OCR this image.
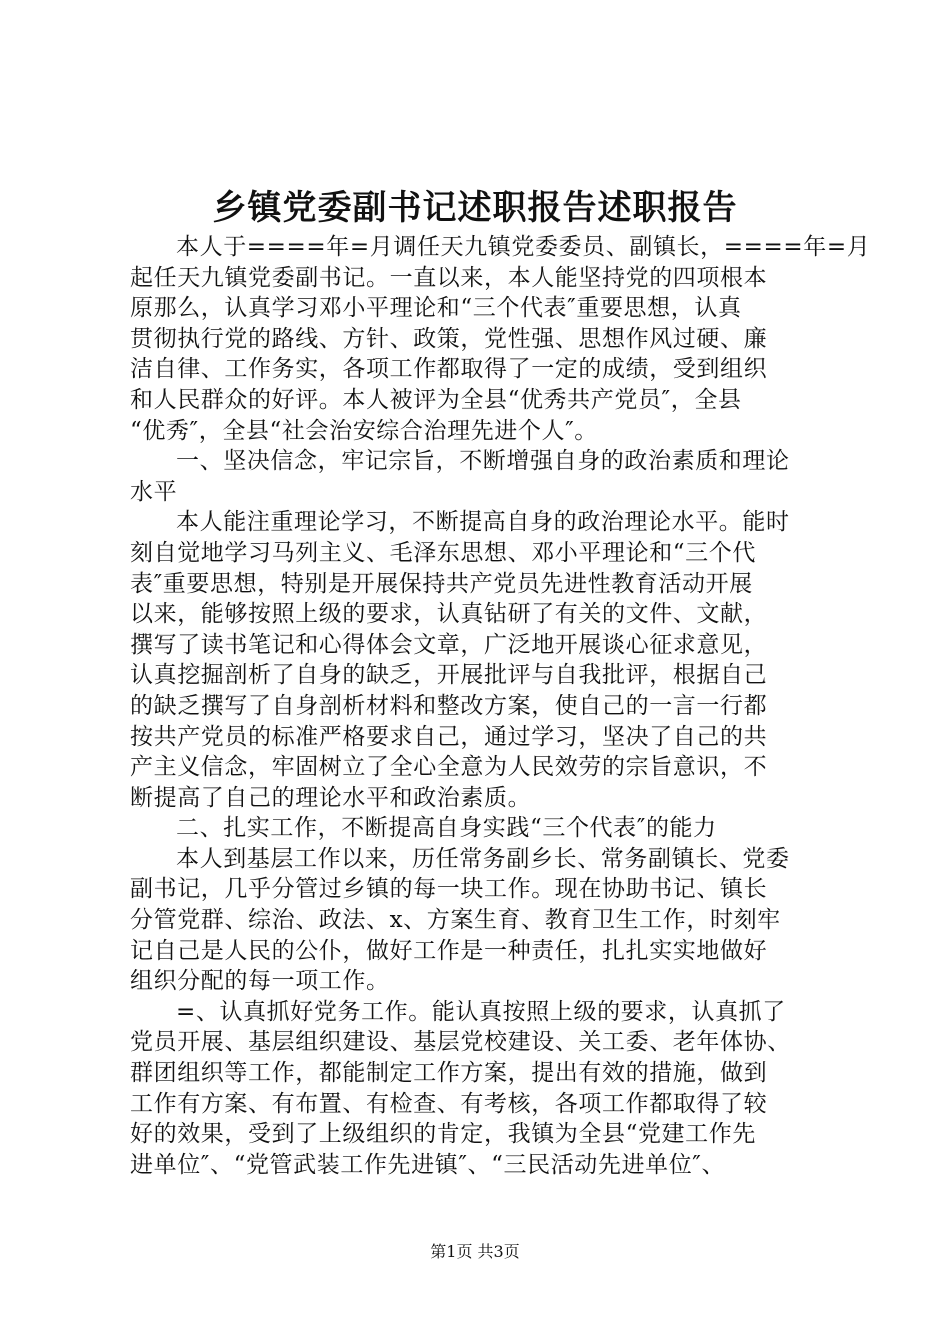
乡镇党委副书记述职报告述职报告
本人于====年=月调任天九镇党委委员、副镇长，====年=月
起任天九镇党委副书记。一直以来，本人能坚持党的四项根本
原那么，认真学习邓小平理论和“三个代表″重要思想，认真
贯彻执行党的路线、方针、政策，党性强、思想作风过硬、廉
洁自律、工作务实，各项工作都取得了一定的成绩，受到组织
和人民群众的好评。本人被评为全县“优秀共产党员″，全县
“优秀″，全县“社会治安综合治理先进个人″。
一、坚决信念，牢记宗旨，不断增强自身的政治素质和理论
水平
本人能注重理论学习，不断提高自身的政治理论水平。能时
刻自觉地学习马列主义、毛泽东思想、邓小平理论和“三个代
表″重要思想，特别是开展保持共产党员先进性教育活动开展
以来，能够按照上级的要求，认真钻研了有关的文件、文献，
撰写了读书笔记和心得体会文章，广泛地开展谈心征求意见，
认真挖掘剖析了自身的缺乏，开展批评与自我批评，根据自己
的缺乏撰写了自身剖析材料和整改方案，使自己的一言一行都
按共产党员的标准严格要求自己，通过学习，坚决了自己的共
产主义信念，牢固树立了全心全意为人民效劳的宗旨意识，不
断提高了自己的理论水平和政治素质。
二、扎实工作，不断提高自身实践“三个代表″的能力
本人到基层工作以来，历任常务副乡长、常务副镇长、党委
副书记，几乎分管过乡镇的每一块工作。现在协助书记、镇长
分管党群、综治、政法、x、方案生育、教育卫生工作，时刻牢
记自己是人民的公仆，做好工作是一种责任，扎扎实实地做好
组织分配的每一项工作。
=、认真抓好党务工作。能认真按照上级的要求，认真抓了
党员开展、基层组织建设、基层党校建设、关工委、老年体协、
群团组织等工作，都能制定工作方案，提出有效的措施，做到
工作有方案、有布置、有检查、有考核，各项工作都取得了较
好的效果，受到了上级组织的肯定，我镇为全县“党建工作先
进单位″、“党管武装工作先进镇″、“三民活动先进单位″、
第1页 共3页
